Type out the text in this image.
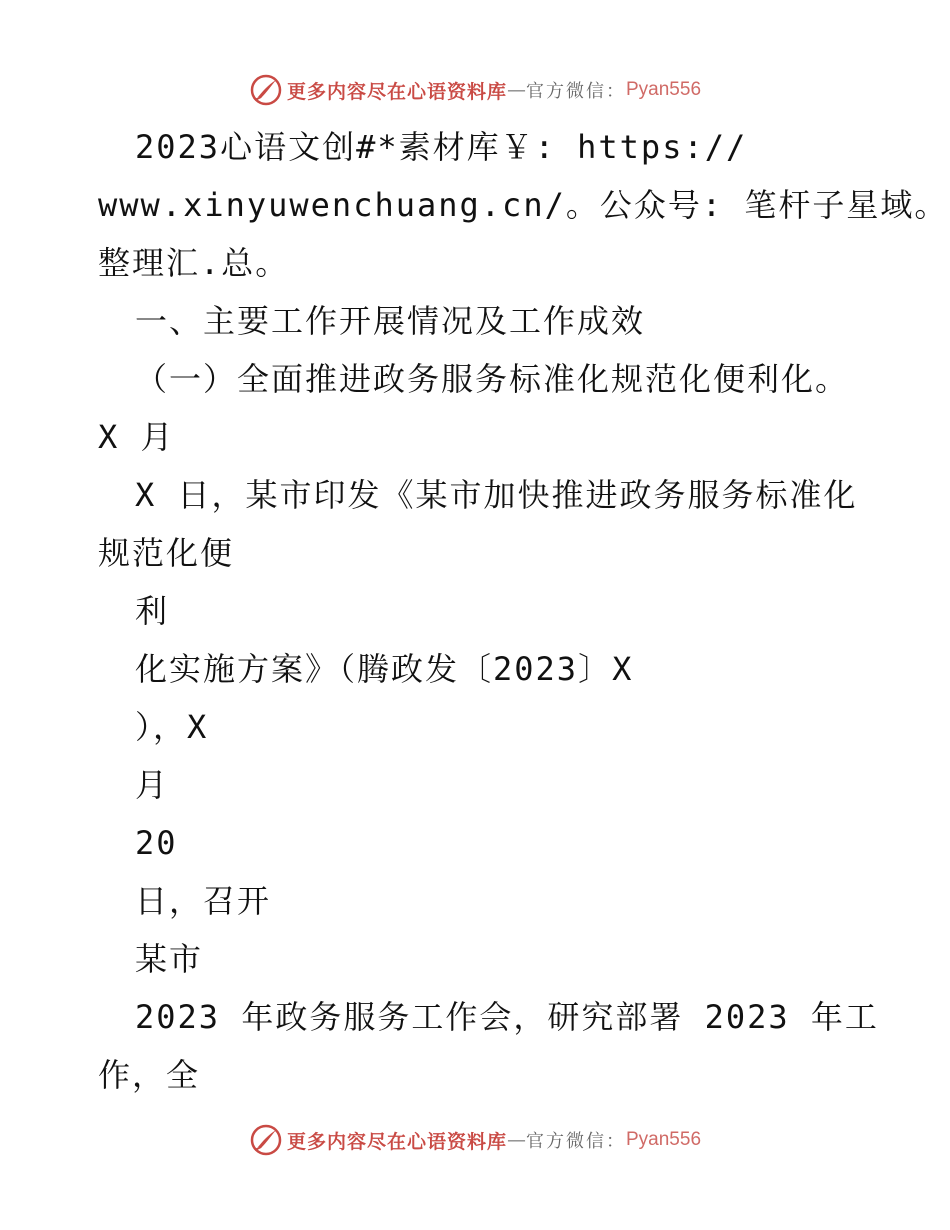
更多内容尽在心语资料库 — 官方微信： Pyan556
2023心语文创#*素材库￥: https://
www.xinyuwenchuang.cn/。公众号: 笔杆子星域。
整理汇.总。
一、主要工作开展情况及工作成效
（一）全面推进政务服务标准化规范化便利化。
X 月
X 日，某市印发《某市加快推进政务服务标准化
规范化便
利
化实施方案》（腾政发〔2023〕X
），X
月
20
日，召开
某市
2023 年政务服务工作会，研究部署 2023 年工
作，全
更多内容尽在心语资料库 — 官方微信： Pyan556
